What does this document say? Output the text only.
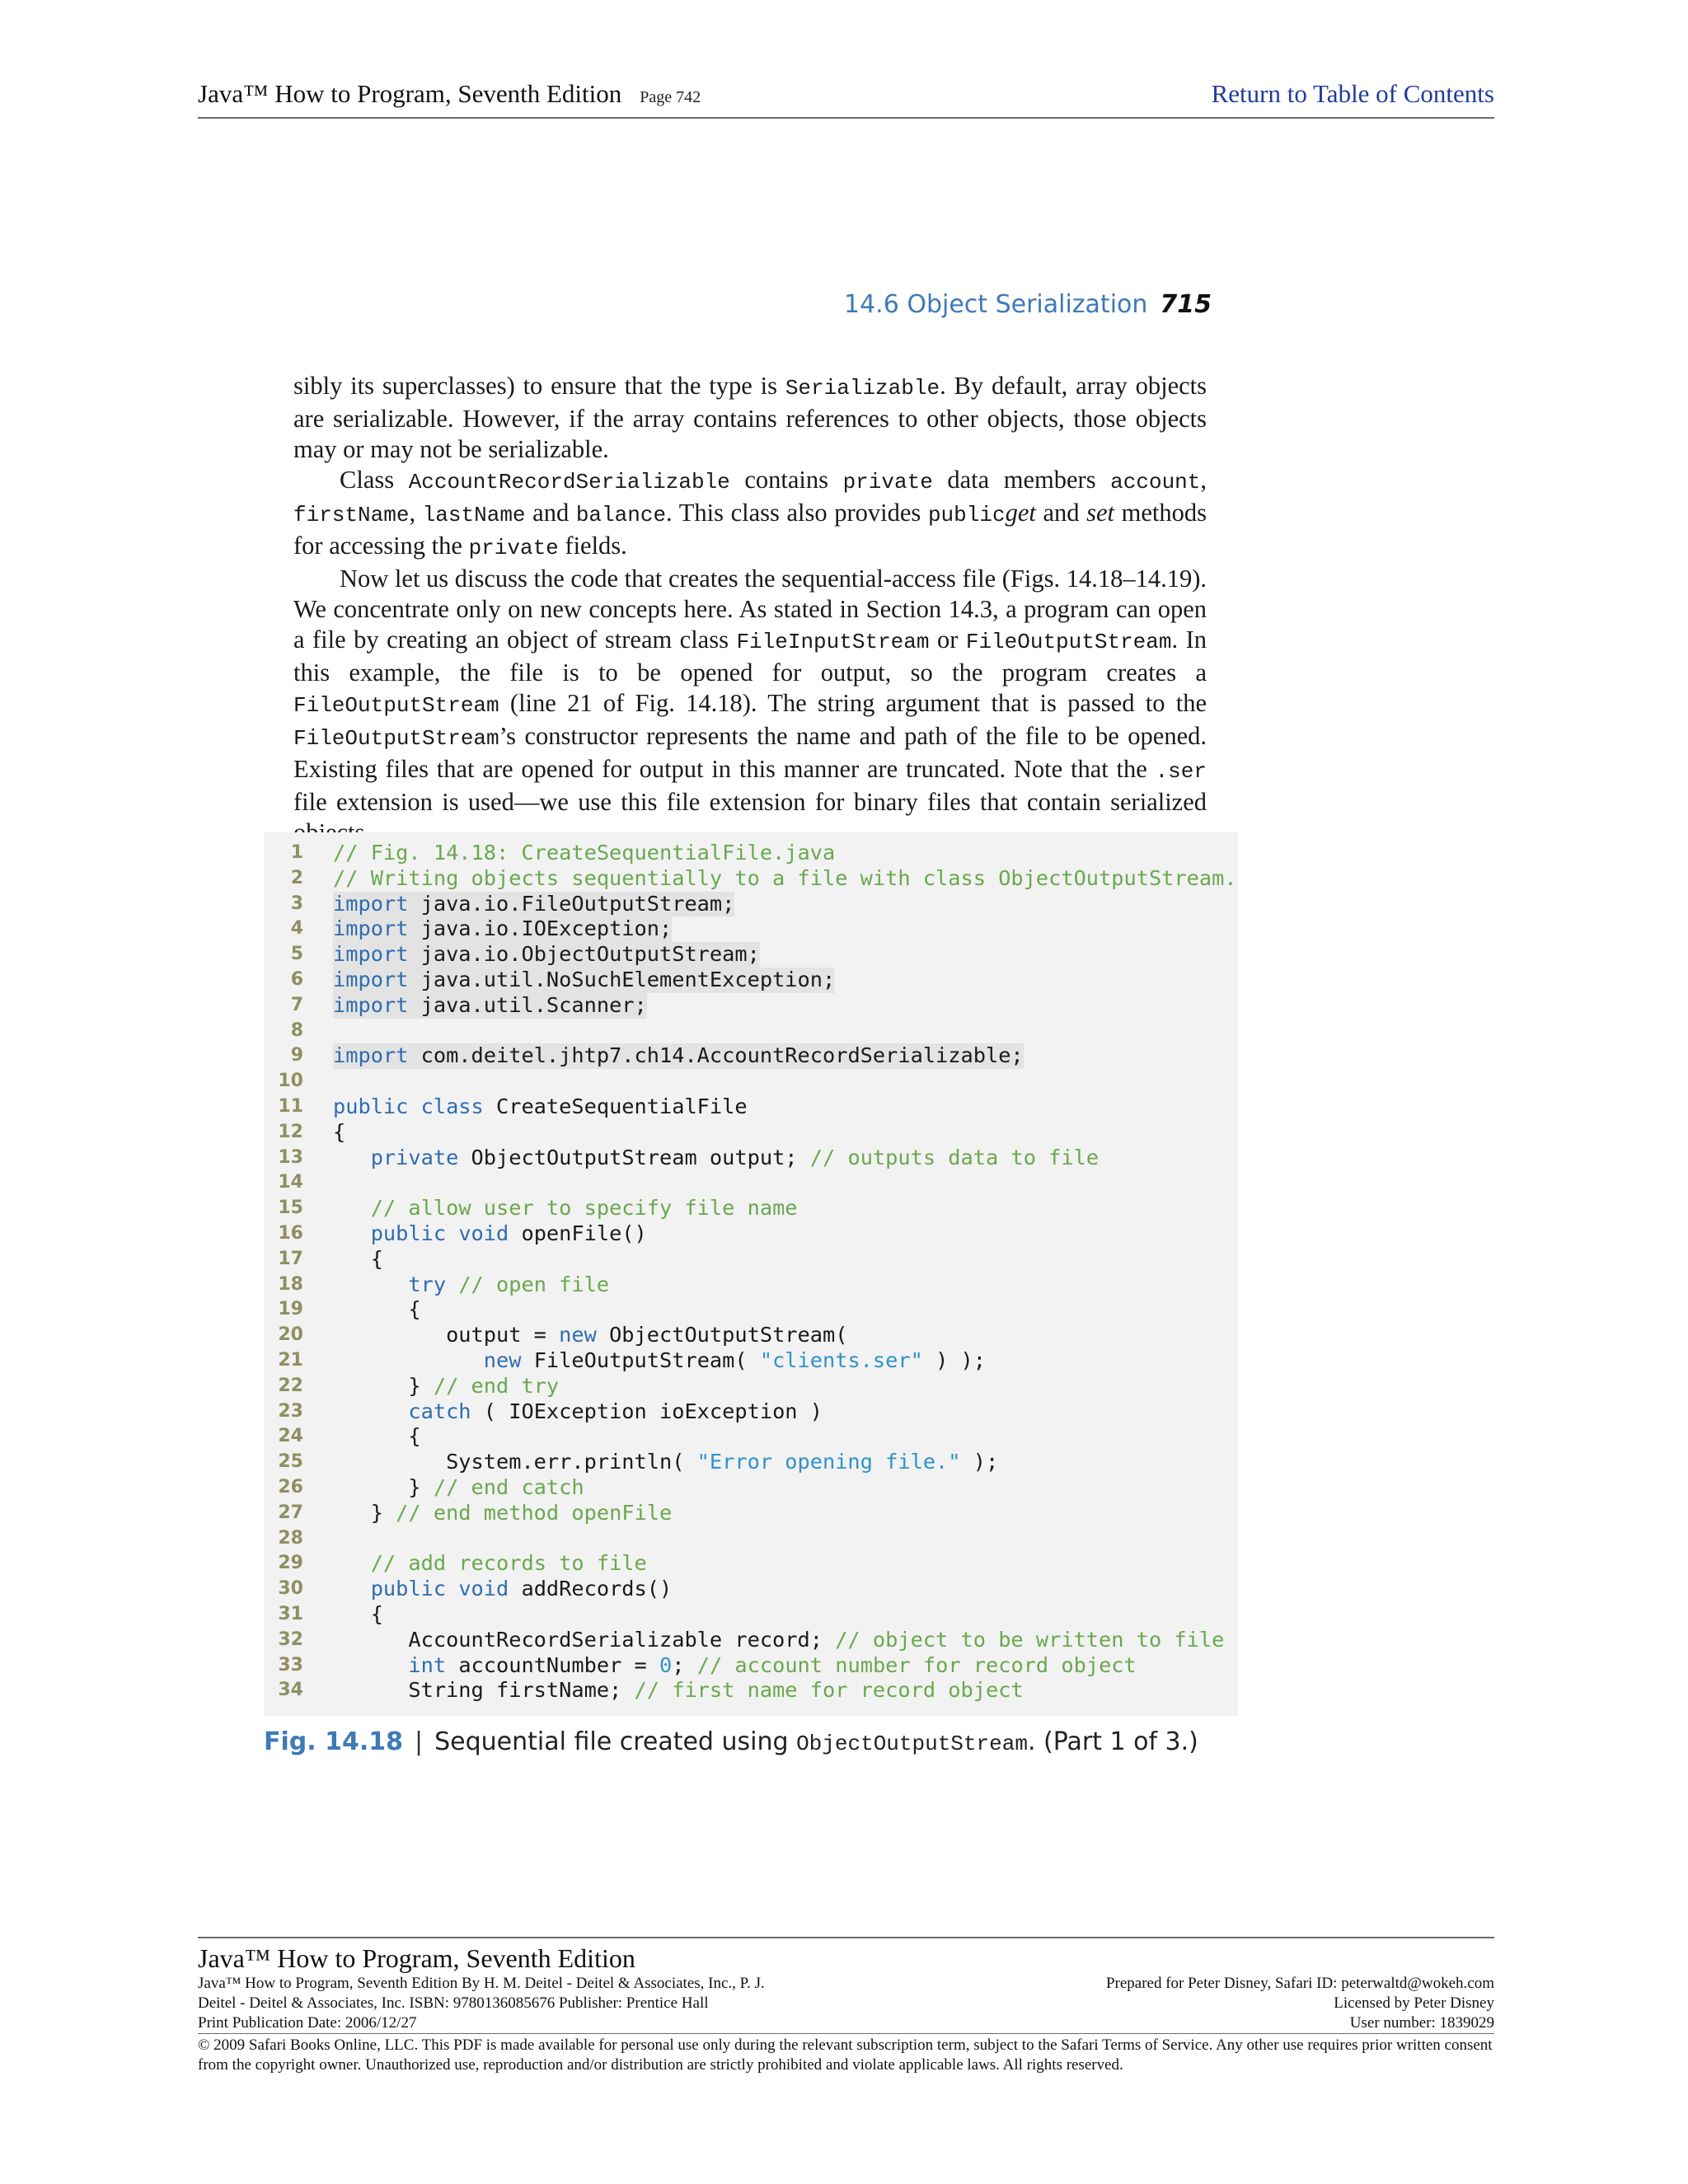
Java™ How to Program, Seventh Edition Page 742	Return to Table of Contents
14.6 Object Serialization 715

sibly its superclasses) to ensure that the type is Serializable. By default, array objects are serializable. However, if the array contains references to other objects, those objects may or may not be serializable.

Class AccountRecordSerializable contains private data members account, firstName, lastName and balance. This class also provides publicget and set methods for accessing the private fields.

Now let us discuss the code that creates the sequential-access file (Figs. 14.18–14.19). We concentrate only on new concepts here. As stated in Section 14.3, a program can open a file by creating an object of stream class FileInputStream or FileOutputStream. In this example, the file is to be opened for output, so the program creates a FileOutputStream (line 21 of Fig. 14.18). The string argument that is passed to the FileOutputStream’s constructor represents the name and path of the file to be opened. Existing files that are opened for output in this manner are truncated. Note that the .ser file extension is used—we use this file extension for binary files that contain serialized

1 // Fig. 14.18: CreateSequentialFile.java
2 // Writing objects sequentially to a file with class ObjectOutputStream.
3 import java.io.FileOutputStream;
4 import java.io.IOException;
5 import java.io.ObjectOutputStream;
6 import java.util.NoSuchElementException;
7 import java.util.Scanner;
8
9 import com.deitel.jhtp7.ch14.AccountRecordSerializable;
10
11 public class CreateSequentialFile
12 {
13	private ObjectOutputStream output; // outputs data to file
14
15	// allow user to specify file name
16	public void openFile()
17 {
18	try // open file
19 {
20 output = new ObjectOutputStream(
21	new FileOutputStream( "clients.ser" ) );
22 } // end try
23	catch ( IOException ioException )
24 {
25 System.err.println( "Error opening file." );
26 } // end catch
27 } // end method openFile
28
29	// add records to file
30	public void addRecords()
31 {
32 AccountRecordSerializable record; // object to be written to file
33	int accountNumber = 0; // account number for record object
34 String firstName; // first name for record object
Fig. 14.18 | Sequential file created using ObjectOutputStream. (Part 1 of 3.)
Java™ How to Program, Seventh Edition
Java™ How to Program, Seventh Edition By H. M. Deitel - Deitel & Associates, Inc., P. J.
Deitel - Deitel & Associates, Inc. ISBN: 9780136085676 Publisher: Prentice Hall
Print Publication Date: 2006/12/27
Prepared for Peter Disney, Safari ID: peterwaltd@wokeh.com
Licensed by Peter Disney
User number: 1839029
© 2009 Safari Books Online, LLC. This PDF is made available for personal use only during the relevant subscription term, subject to the Safari Terms of Service. Any other use requires prior written consent from the copyright owner. Unauthorized use, reproduction and/or distribution are strictly prohibited and violate applicable laws. All rights reserved.
